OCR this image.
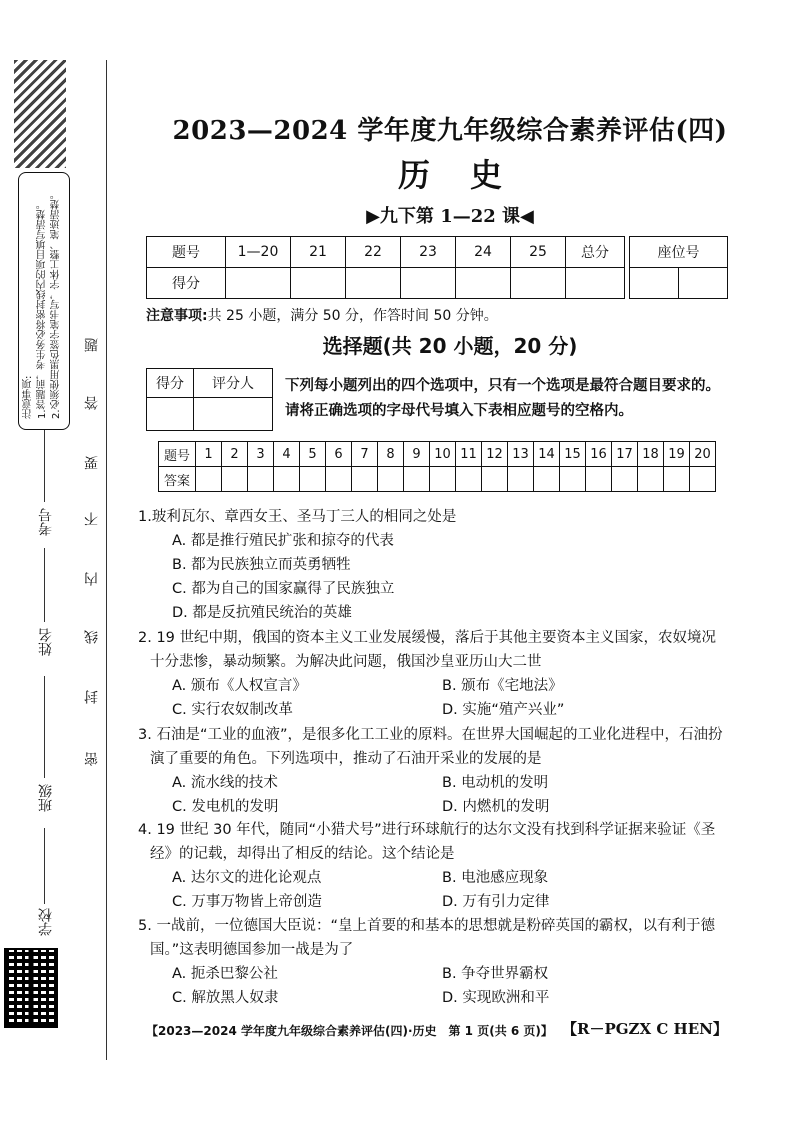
注意事项: 1.答题前，考生务必将密封线内的项目填写清楚。 2.必须使用黑色签字笔书写，字体工整、笔迹清楚。
考号
姓名
班级
学校
密
封
线
内
不
要
答
题
2023—2024 学年度九年级综合素养评估(四)
历史
▶九下第 1—22 课◀
题号	1—20	21	22	23	24	25	总分
得分							
座位号

注意事项:共 25 小题，满分 50 分，作答时间 50 分钟。
选择题(共 20 小题，20 分)
得分	评分人
	下列每小题列出的四个选项中，只有一个选项是最符合题目要求的。请将正确选项的字母代号填入下表相应题号的空格内。
题号	1	2	3	4	5	6	7	8	9	10	11	12	13	14	15	16	17	18	19	20
答案																				
1.玻利瓦尔、章西女王、圣马丁三人的相同之处是
A. 都是推行殖民扩张和掠夺的代表
B. 都为民族独立而英勇牺牲
C. 都为自己的国家赢得了民族独立
D. 都是反抗殖民统治的英雄
2. 19 世纪中期，俄国的资本主义工业发展缓慢，落后于其他主要资本主义国家，农奴境况十分悲惨，暴动频繁。为解决此问题，俄国沙皇亚历山大二世
A. 颁布《人权宣言》	B. 颁布《宅地法》
C. 实行农奴制改革	D. 实施“殖产兴业”
3. 石油是“工业的血液”，是很多化工工业的原料。在世界大国崛起的工业化进程中，石油扮演了重要的角色。下列选项中，推动了石油开采业的发展的是
A. 流水线的技术	B. 电动机的发明
C. 发电机的发明	D. 内燃机的发明
4. 19 世纪 30 年代，随同“小猎犬号”进行环球航行的达尔文没有找到科学证据来验证《圣经》的记载，却得出了相反的结论。这个结论是
A. 达尔文的进化论观点	B. 电池感应现象
C. 万事万物皆上帝创造	D. 万有引力定律
5. 一战前，一位德国大臣说：“皇上首要的和基本的思想就是粉碎英国的霸权，以有利于德国。”这表明德国参加一战是为了
A. 扼杀巴黎公社	B. 争夺世界霸权
C. 解放黑人奴隶	D. 实现欧洲和平
【2023—2024 学年度九年级综合素养评估(四)·历史　第 1 页(共 6 页)】 【R－PGZX C HEN】
